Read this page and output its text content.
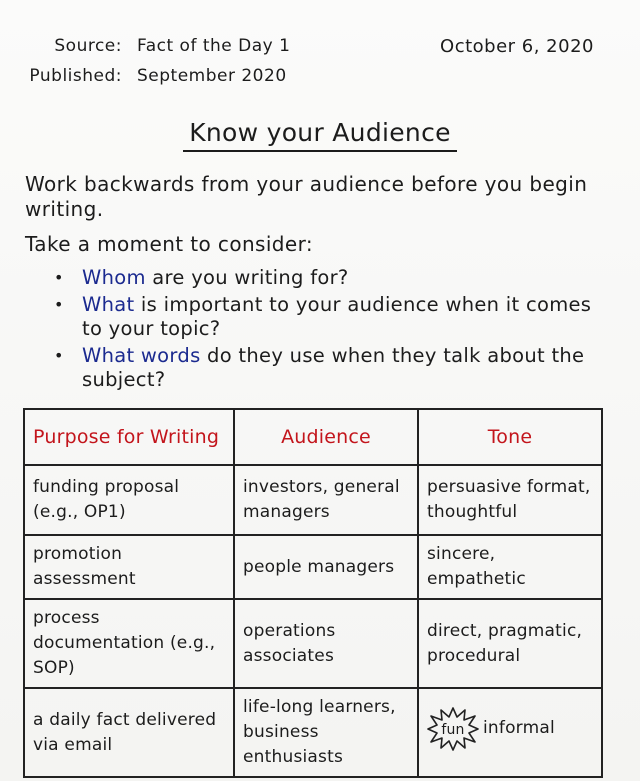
Source: Fact of the Day 1
Published: September 2020
October 6, 2020
Know your Audience
Work backwards from your audience before you begin writing.
Take a moment to consider:
• Whom are you writing for?
• What is important to your audience when it comes to your topic?
• What words do they use when they talk about the subject?
Purpose for Writing	Audience	Tone
funding proposal (e.g., OP1)	investors, general managers	persuasive format, thoughtful
promotion assessment	people managers	sincere, empathetic
process documentation (e.g., SOP)	operations associates	direct, pragmatic, procedural
a daily fact delivered via email	life-long learners, business enthusiasts	fun informal
